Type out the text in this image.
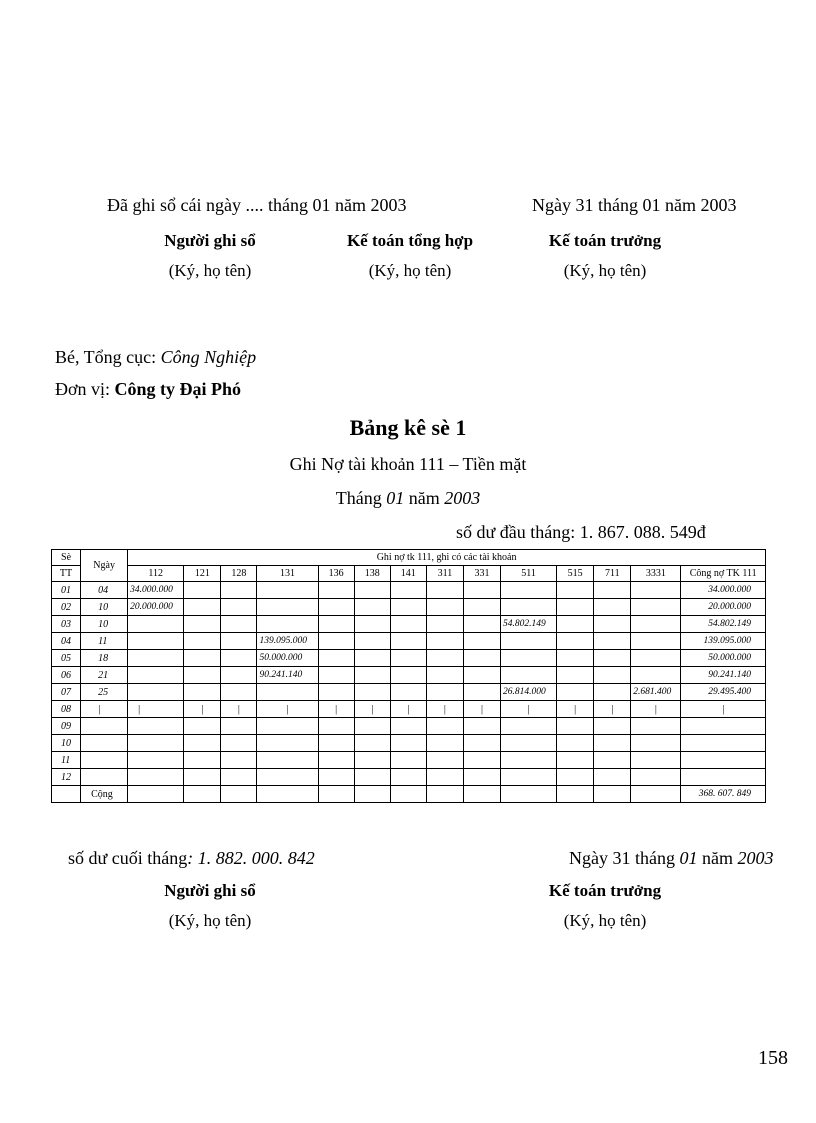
Đã ghi sổ cái ngày .... tháng 01 năm 2003	Ngày 31 tháng 01 năm 2003
Người ghi sổ
(Ký, họ tên)
Kế toán tổng hợp
(Ký, họ tên)
Kế toán trưởng
(Ký, họ tên)
Bé, Tổng cục: Công Nghiệp
Đơn vị: Công ty Đại Phó
Bảng kê sè 1
Ghi Nợ tài khoản 111 – Tiền mặt
Tháng 01 năm 2003
số dư đầu tháng: 1. 867. 088. 549đ
Sè	Ngày	Ghi nợ tk 111, ghi có các tài khoản													
TT		112	121	128	131	136	138	141	311	331	511	515	711	3331	Công nợ TK 111
01	04	34.000.000													34.000.000
02	10	20.000.000													20.000.000
03	10										54.802.149				54.802.149
04	11				139.095.000										139.095.000
05	18				50.000.000										50.000.000
06	21				90.241.140										90.241.140
07	25										26.814.000			2.681.400	29.495.400
08	|	|	|	|	|	|	|	|	|	|	|	|	|	|	|
09															
10															
11															
12															
	Cộng														368. 607. 849
số dư cuối tháng: 1. 882. 000. 842	Ngày 31 tháng 01 năm 2003
Người ghi sổ
(Ký, họ tên)
Kế toán trưởng
(Ký, họ tên)
158
